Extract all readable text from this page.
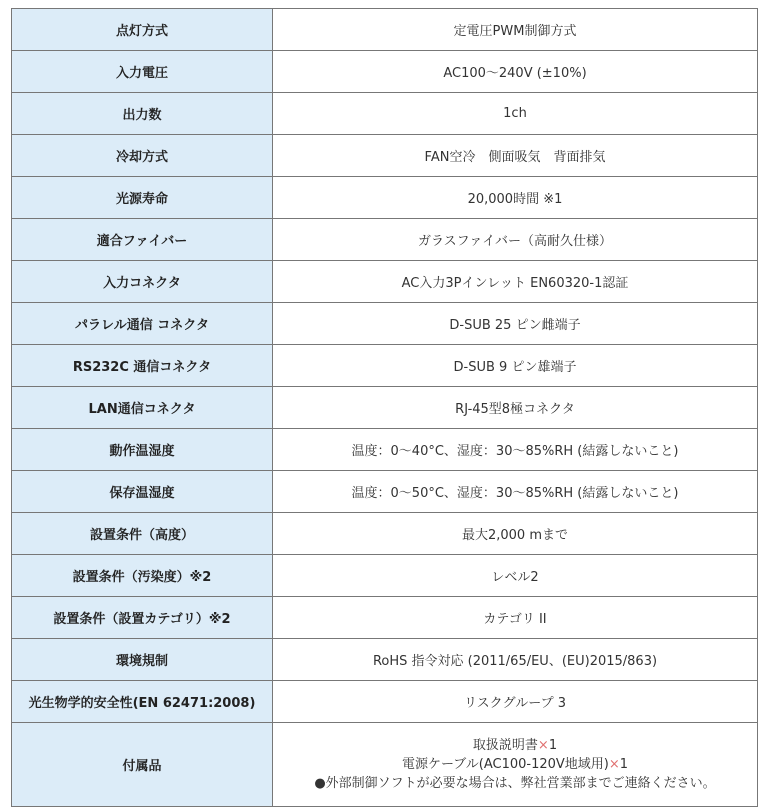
点灯方式	定電圧PWM制御方式
入力電圧	AC100～240V (±10%)
出力数	1ch
冷却方式	FAN空冷　側面吸気　背面排気
光源寿命	20,000時間 ※1
適合ファイバー	ガラスファイバー（高耐久仕様）
入力コネクタ	AC入力3Pインレット EN60320-1認証
パラレル通信 コネクタ	D-SUB 25 ピン雌端子
RS232C 通信コネクタ	D-SUB 9 ピン雄端子
LAN通信コネクタ	RJ-45型8極コネクタ
動作温湿度	温度：0～40°C、湿度：30～85%RH (結露しないこと)
保存温湿度	温度：0～50°C、湿度：30～85%RH (結露しないこと)
設置条件（高度）	最大2,000 mまで
設置条件（汚染度）※2	レベル2
設置条件（設置カテゴリ）※2	カテゴリ II
環境規制	RoHS 指令対応 (2011/65/EU、(EU)2015/863)
光生物学的安全性(EN 62471:2008)	リスクグループ 3
付属品	取扱説明書×1
電源ケーブル(AC100-120V地域用)×1
●外部制御ソフトが必要な場合は、弊社営業部までご連絡ください。
